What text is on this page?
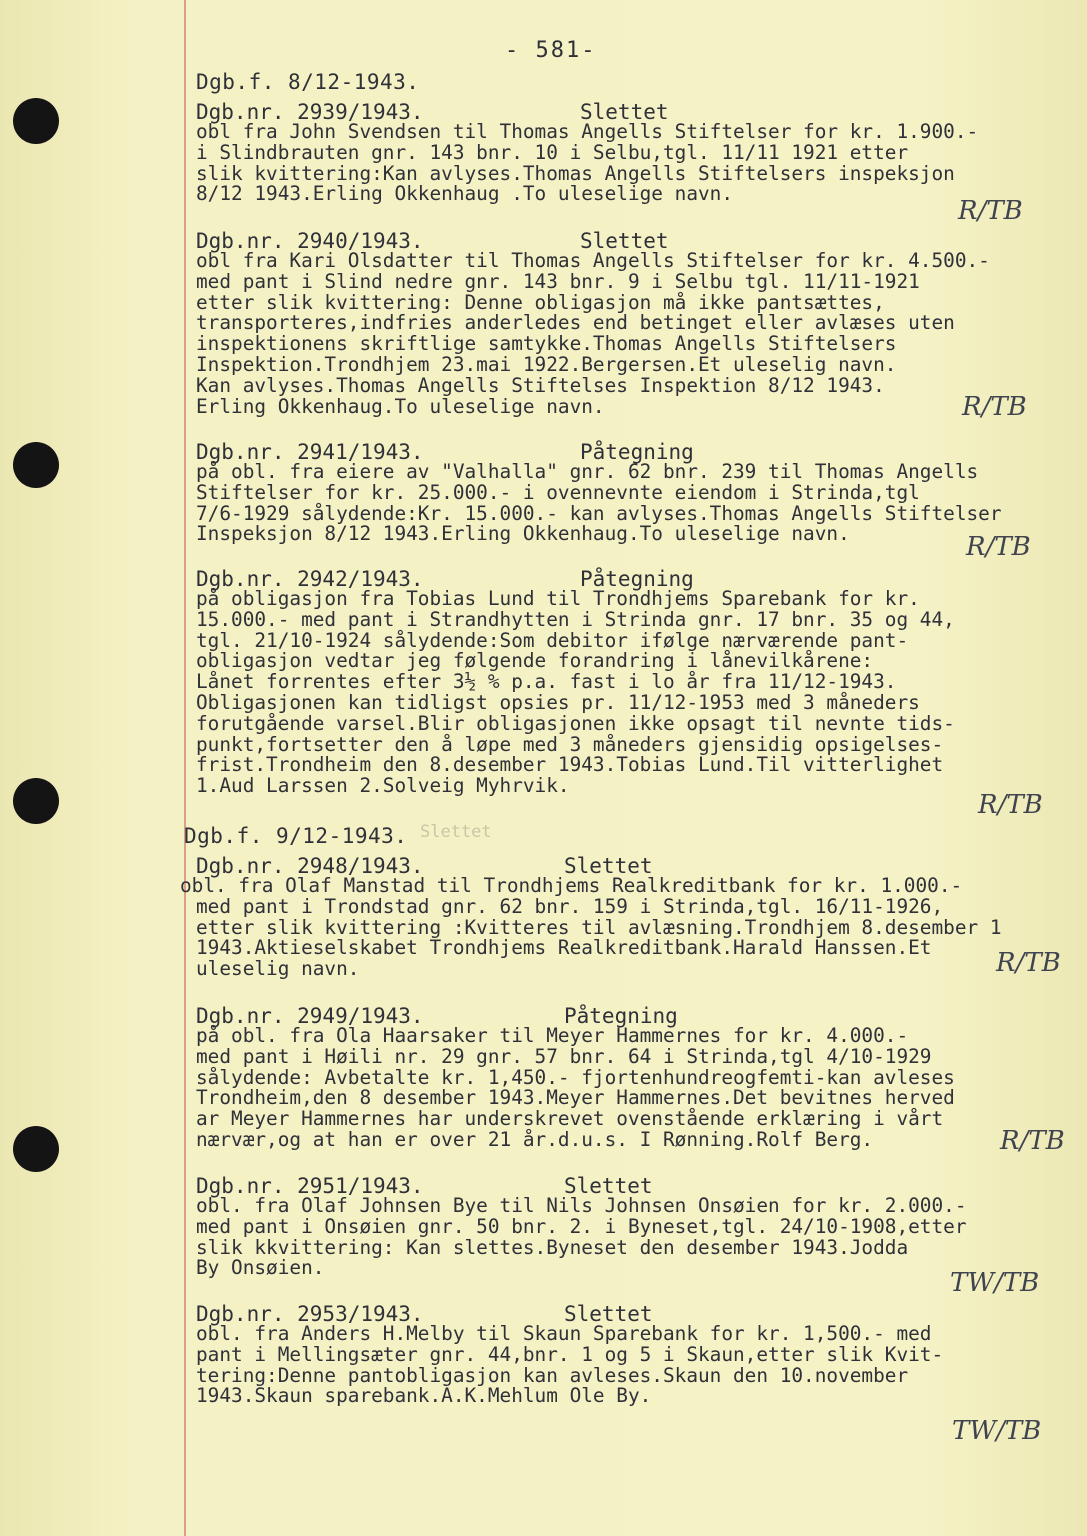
- 581-
Dgb.f. 8/12-1943.
Dgb.f. 9/12-1943.
Dgb.nr. 2939/1943.	Slettet
obl fra John Svendsen til Thomas Angells Stiftelser for kr. 1.900.-
i Slindbrauten gnr. 143 bnr. 10 i Selbu,tgl. 11/11 1921 etter
slik kvittering:Kan avlyses.Thomas Angells Stiftelsers inspeksjon
8/12 1943.Erling Okkenhaug .To uleselige navn.
R/TB
Dgb.nr. 2940/1943.	Slettet
obl fra Kari Olsdatter til Thomas Angells Stiftelser for kr. 4.500.-
med pant i Slind nedre gnr. 143 bnr. 9 i Selbu tgl. 11/11-1921
etter slik kvittering: Denne obligasjon må ikke pantsættes,
transporteres,indfries anderledes end betinget eller avlæses uten
inspektionens skriftlige samtykke.Thomas Angells Stiftelsers
Inspektion.Trondhjem 23.mai 1922.Bergersen.Et uleselig navn.
Kan avlyses.Thomas Angells Stiftelses Inspektion 8/12 1943.
Erling Okkenhaug.To uleselige navn.	R/TB
Dgb.nr. 2941/1943.	Påtegning
på obl. fra eiere av "Valhalla" gnr. 62 bnr. 239 til Thomas Angells
Stiftelser for kr. 25.000.- i ovennevnte eiendom i Strinda,tgl
7/6-1929 sålydende:Kr. 15.000.- kan avlyses.Thomas Angells Stiftelser
Inspeksjon 8/12 1943.Erling Okkenhaug.To uleselige navn.	R/TB
Dgb.nr. 2942/1943.	Påtegning
på obligasjon fra Tobias Lund til Trondhjems Sparebank for kr.
15.000.- med pant i Strandhytten i Strinda gnr. 17 bnr. 35 og 44,
tgl. 21/10-1924 sålydende:Som debitor ifølge nærværende pant-
obligasjon vedtar jeg følgende forandring i lånevilkårene:
Lånet forrentes efter 3½ % p.a. fast i lo år fra 11/12-1943.
Obligasjonen kan tidligst opsies pr. 11/12-1953 med 3 måneders
forutgående varsel.Blir obligasjonen ikke opsagt til nevnte tids-
punkt,fortsetter den å løpe med 3 måneders gjensidig opsigelses-
frist.Trondheim den 8.desember 1943.Tobias Lund.Til vitterlighet
1.Aud Larssen 2.Solveig Myhrvik.
R/TB
Slettet
Dgb.nr. 2948/1943.	Slettet
obl. fra Olaf Manstad til Trondhjems Realkreditbank for kr. 1.000.-
med pant i Trondstad gnr. 62 bnr. 159 i Strinda,tgl. 16/11-1926,
etter slik kvittering :Kvitteres til avlæsning.Trondhjem 8.desember 1
1943.Aktieselskabet Trondhjems Realkreditbank.Harald Hanssen.Et
uleselig navn.	R/TB
Dgb.nr. 2949/1943.	Påtegning
på obl. fra Ola Haarsaker til Meyer Hammernes for kr. 4.000.-
med pant i Høili nr. 29 gnr. 57 bnr. 64 i Strinda,tgl 4/10-1929
sålydende: Avbetalte kr. 1,450.- fjortenhundreogfemti-kan avleses
Trondheim,den 8 desember 1943.Meyer Hammernes.Det bevitnes herved
ar Meyer Hammernes har underskrevet ovenstående erklæring i vårt
nærvær,og at han er over 21 år.d.u.s. I Rønning.Rolf Berg.	R/TB
Dgb.nr. 2951/1943.	Slettet
obl. fra Olaf Johnsen Bye til Nils Johnsen Onsøien for kr. 2.000.-
med pant i Onsøien gnr. 50 bnr. 2. i Byneset,tgl. 24/10-1908,etter
slik kkvittering: Kan slettes.Byneset den desember 1943.Jodda
By Onsøien.
TW/TB
Dgb.nr. 2953/1943.	Slettet
obl. fra Anders H.Melby til Skaun Sparebank for kr. 1,500.- med
pant i Mellingsæter gnr. 44,bnr. 1 og 5 i Skaun,etter slik Kvit-
tering:Denne pantobligasjon kan avleses.Skaun den 10.november
1943.Skaun sparebank.A.K.Mehlum Ole By.
TW/TB
